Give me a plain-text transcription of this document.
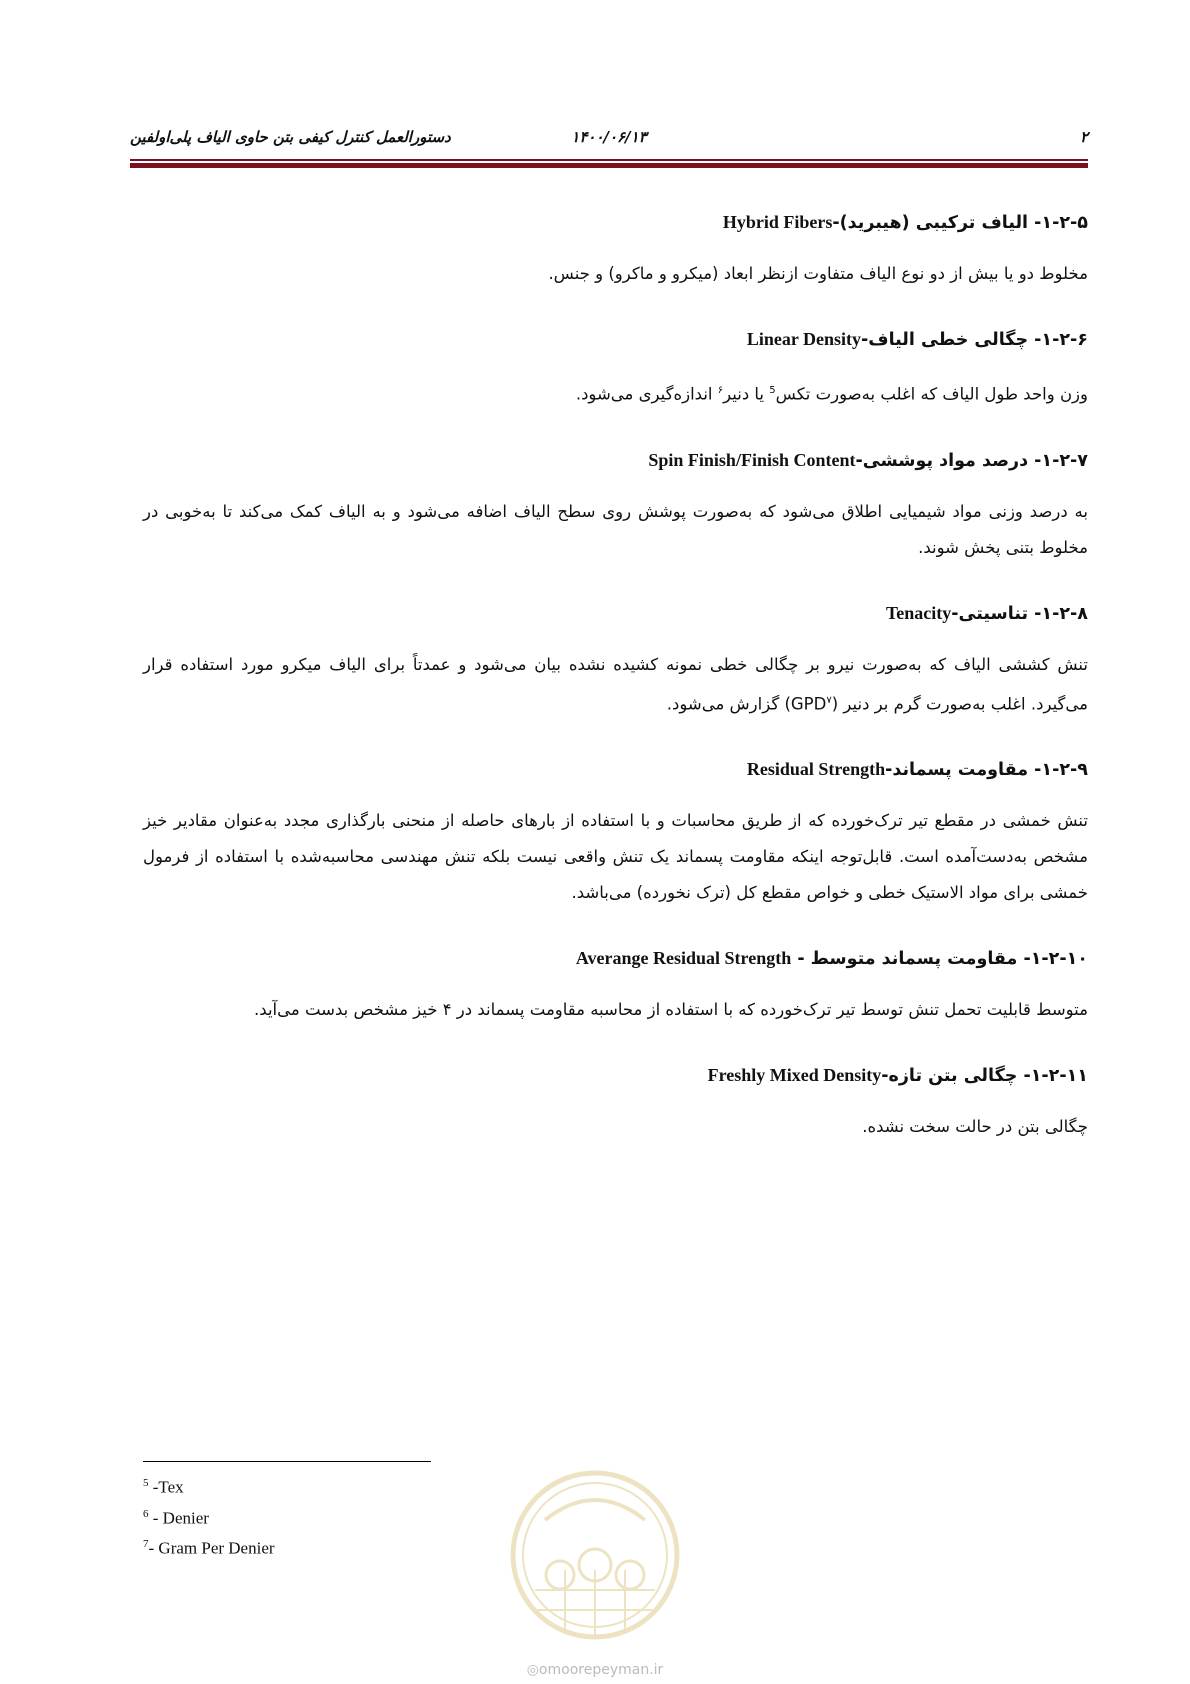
۲
۱۴۰۰/۰۶/۱۳
دستورالعمل کنترل کیفی بتن حاوی الیاف پلی‌اولفین
۱-۲-۵- الیاف ترکیبی (هیبرید)-Hybrid Fibers

مخلوط دو یا بیش از دو نوع الیاف متفاوت ازنظر ابعاد (میکرو و ماکرو) و جنس.

۱-۲-۶- چگالی خطی الیاف-Linear Density

وزن واحد طول الیاف که اغلب به‌صورت تکس$^5$ یا دنیر$^۶$ اندازه‌گیری می‌شود.

۱-۲-۷- درصد مواد پوششی-Spin Finish/Finish Content

به درصد وزنی مواد شیمیایی اطلاق می‌شود که به‌صورت پوشش روی سطح الیاف اضافه می‌شود و به الیاف کمک می‌کند تا به‌خوبی در مخلوط بتنی پخش شوند.

۱-۲-۸- تناسیتی-Tenacity

تنش کششی الیاف که به‌صورت نیرو بر چگالی خطی نمونه کشیده نشده بیان می‌شود و عمدتاً برای الیاف میکرو مورد استفاده قرار می‌گیرد. اغلب به‌صورت گرم بر دنیر (GPD$^۷$) گزارش می‌شود.

۱-۲-۹- مقاومت پسماند-Residual Strength

تنش خمشی در مقطع تیر ترک‌خورده که از طریق محاسبات و با استفاده از بارهای حاصله از منحنی بارگذاری مجدد به‌عنوان مقادیر خیز مشخص به‌دست‌آمده است. قابل‌توجه اینکه مقاومت پسماند یک تنش واقعی نیست بلکه تنش مهندسی محاسبه‌شده با استفاده از فرمول خمشی برای مواد الاستیک خطی و خواص مقطع کل (ترک نخورده) می‌باشد.

۱-۲-۱۰- مقاومت پسماند متوسط - Averange Residual Strength

متوسط قابلیت تحمل تنش توسط تیر ترک‌خورده که با استفاده از محاسبه مقاومت پسماند در ۴ خیز مشخص بدست می‌آید.

۱-۲-۱۱- چگالی بتن تازه-Freshly Mixed Density

چگالی بتن در حالت سخت نشده.

$^5$ -Tex
$^6$ - Denier
$^7$- Gram Per Denier
◎omoorepeyman.ir
